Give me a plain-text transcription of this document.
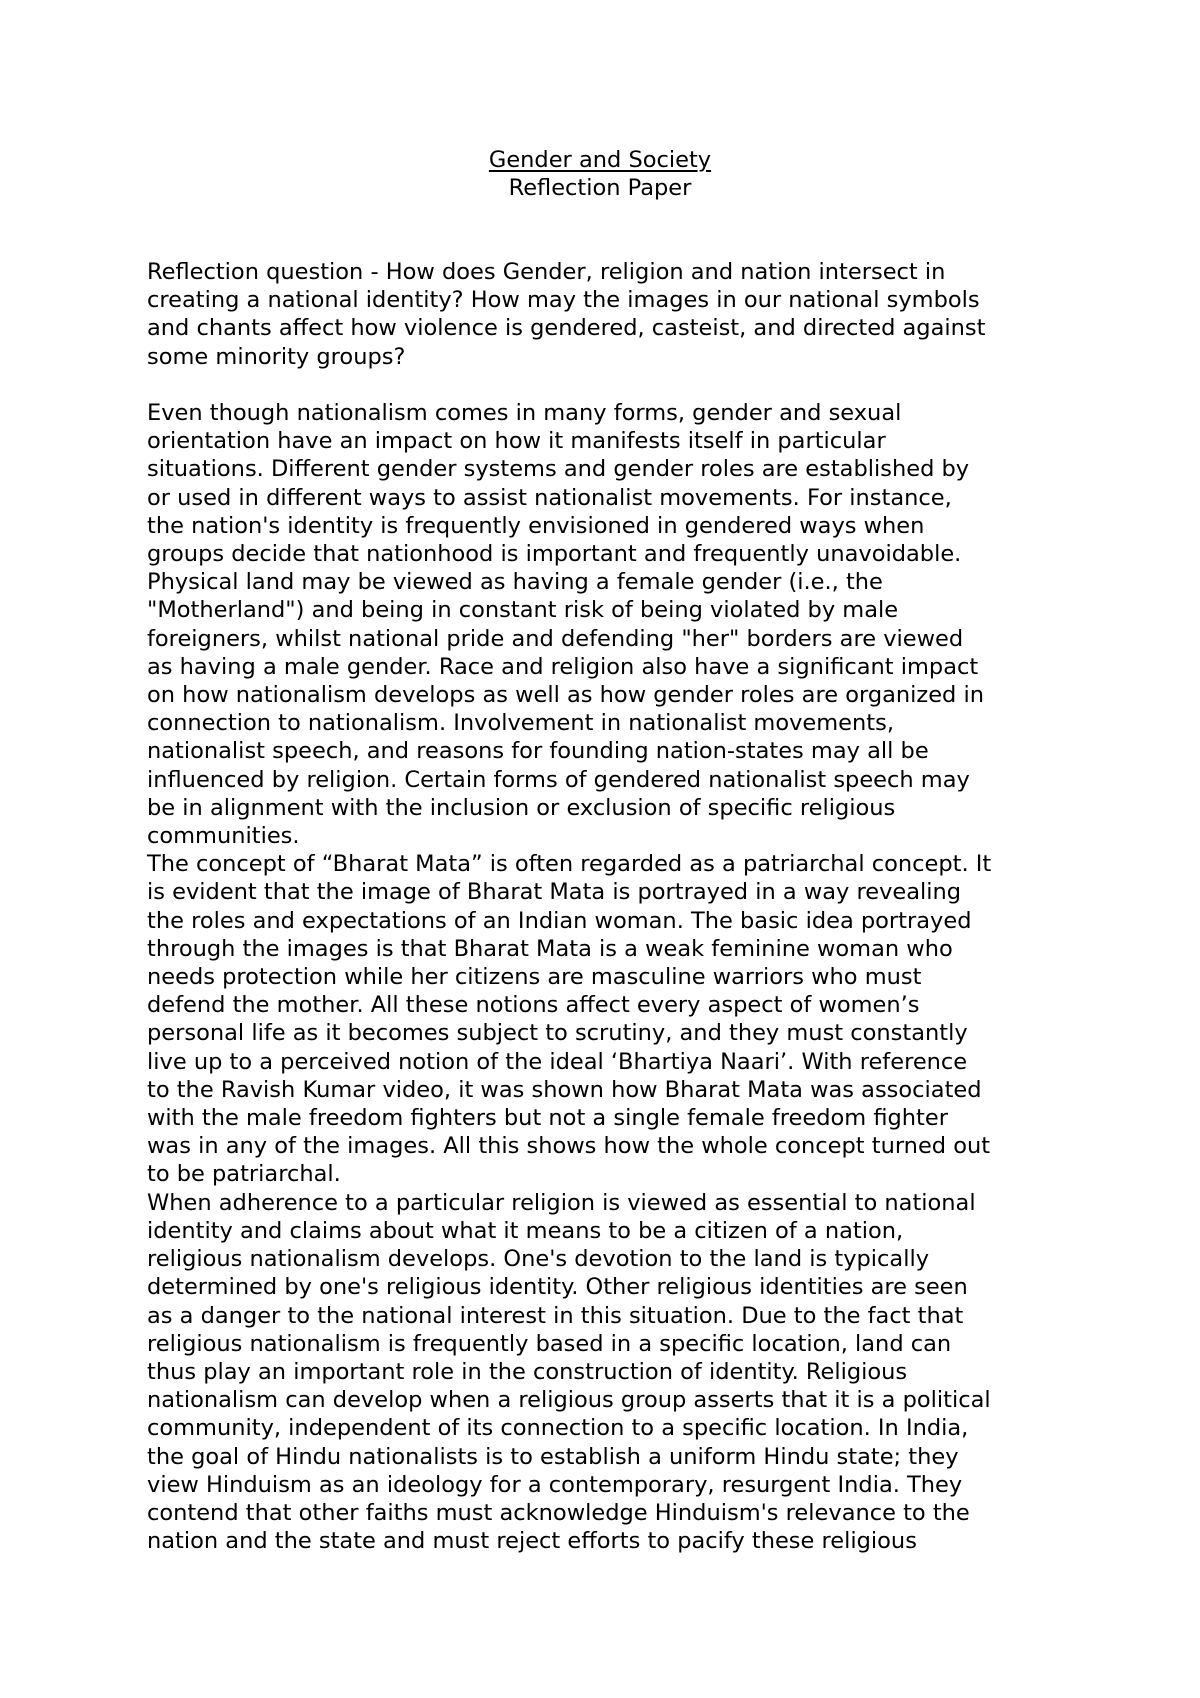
Gender and Society
Reflection Paper

Reflection question - How does Gender, religion and nation intersect in
creating a national identity? How may the images in our national symbols
and chants affect how violence is gendered, casteist, and directed against
some minority groups?

Even though nationalism comes in many forms, gender and sexual
orientation have an impact on how it manifests itself in particular
situations. Different gender systems and gender roles are established by
or used in different ways to assist nationalist movements. For instance,
the nation's identity is frequently envisioned in gendered ways when
groups decide that nationhood is important and frequently unavoidable.
Physical land may be viewed as having a female gender (i.e., the
"Motherland") and being in constant risk of being violated by male
foreigners, whilst national pride and defending "her" borders are viewed
as having a male gender. Race and religion also have a significant impact
on how nationalism develops as well as how gender roles are organized in
connection to nationalism. Involvement in nationalist movements,
nationalist speech, and reasons for founding nation-states may all be
influenced by religion. Certain forms of gendered nationalist speech may
be in alignment with the inclusion or exclusion of specific religious
communities.

The concept of “Bharat Mata” is often regarded as a patriarchal concept. It
is evident that the image of Bharat Mata is portrayed in a way revealing
the roles and expectations of an Indian woman. The basic idea portrayed
through the images is that Bharat Mata is a weak feminine woman who
needs protection while her citizens are masculine warriors who must
defend the mother. All these notions affect every aspect of women’s
personal life as it becomes subject to scrutiny, and they must constantly
live up to a perceived notion of the ideal ‘Bhartiya Naari’. With reference
to the Ravish Kumar video, it was shown how Bharat Mata was associated
with the male freedom fighters but not a single female freedom fighter
was in any of the images. All this shows how the whole concept turned out
to be patriarchal.

When adherence to a particular religion is viewed as essential to national
identity and claims about what it means to be a citizen of a nation,
religious nationalism develops. One's devotion to the land is typically
determined by one's religious identity. Other religious identities are seen
as a danger to the national interest in this situation. Due to the fact that
religious nationalism is frequently based in a specific location, land can
thus play an important role in the construction of identity. Religious
nationalism can develop when a religious group asserts that it is a political
community, independent of its connection to a specific location. In India,
the goal of Hindu nationalists is to establish a uniform Hindu state; they
view Hinduism as an ideology for a contemporary, resurgent India. They
contend that other faiths must acknowledge Hinduism's relevance to the
nation and the state and must reject efforts to pacify these religious
